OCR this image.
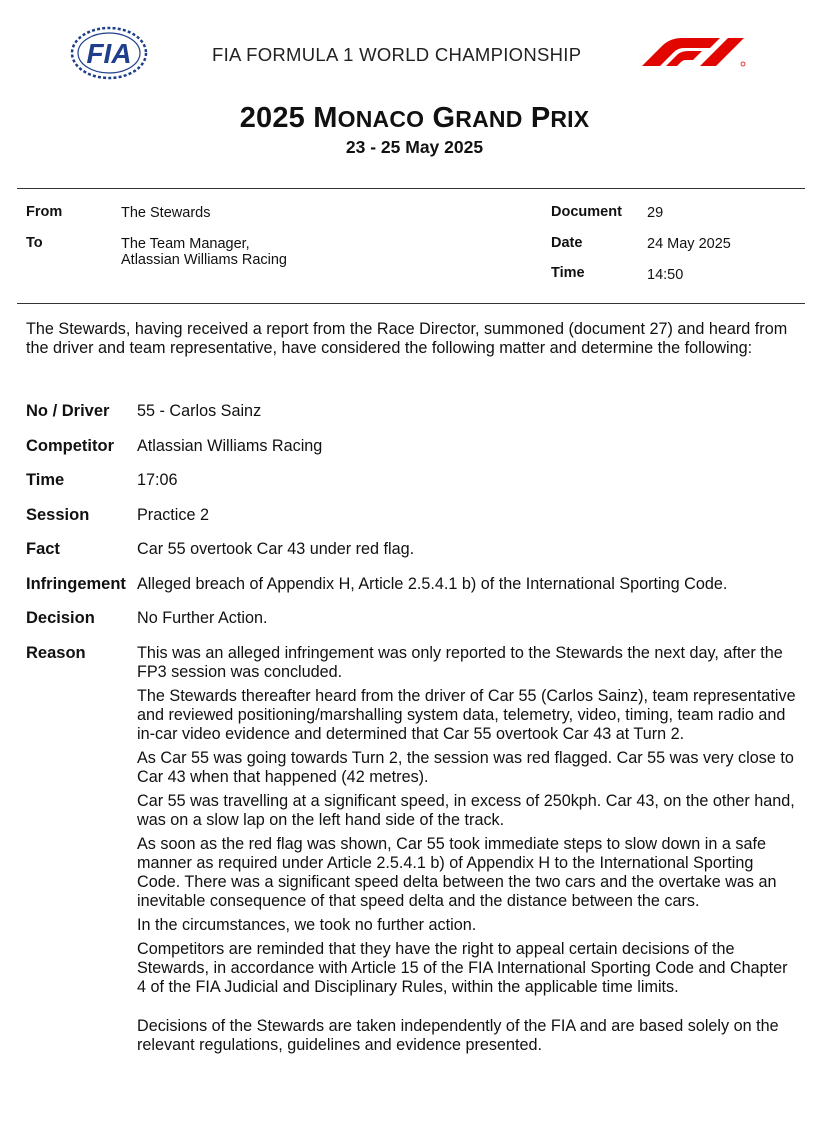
FIA	FIA FORMULA 1 WORLD CHAMPIONSHIP
2025 MONACO GRAND PRIX
23 - 25 May 2025
From	The Stewards
To	The Team Manager,
Atlassian Williams Racing
Document 29
Date	24 May 2025
Time	14:50
The Stewards, having received a report from the Race Director, summoned (document 27) and heard from the driver and team representative, have considered the following matter and determine the following:
No / Driver 55 - Carlos Sainz
Competitor Atlassian Williams Racing
Time	17:06
Session	Practice 2
Fact	Car 55 overtook Car 43 under red flag.
Infringement Alleged breach of Appendix H, Article 2.5.4.1 b) of the International Sporting Code.
Decision	No Further Action.
Reason	This was an alleged infringement was only reported to the Stewards the next day, after the FP3 session was concluded.

The Stewards thereafter heard from the driver of Car 55 (Carlos Sainz), team representative and reviewed positioning/marshalling system data, telemetry, video, timing, team radio and in-car video evidence and determined that Car 55 overtook Car 43 at Turn 2.

As Car 55 was going towards Turn 2, the session was red flagged. Car 55 was very close to Car 43 when that happened (42 metres).

Car 55 was travelling at a significant speed, in excess of 250kph. Car 43, on the other hand, was on a slow lap on the left hand side of the track.

As soon as the red flag was shown, Car 55 took immediate steps to slow down in a safe manner as required under Article 2.5.4.1 b) of Appendix H to the International Sporting Code. There was a significant speed delta between the two cars and the overtake was an inevitable consequence of that speed delta and the distance between the cars.

In the circumstances, we took no further action.

Competitors are reminded that they have the right to appeal certain decisions of the Stewards, in accordance with Article 15 of the FIA International Sporting Code and Chapter 4 of the FIA Judicial and Disciplinary Rules, within the applicable time limits.

Decisions of the Stewards are taken independently of the FIA and are based solely on the relevant regulations, guidelines and evidence presented.
